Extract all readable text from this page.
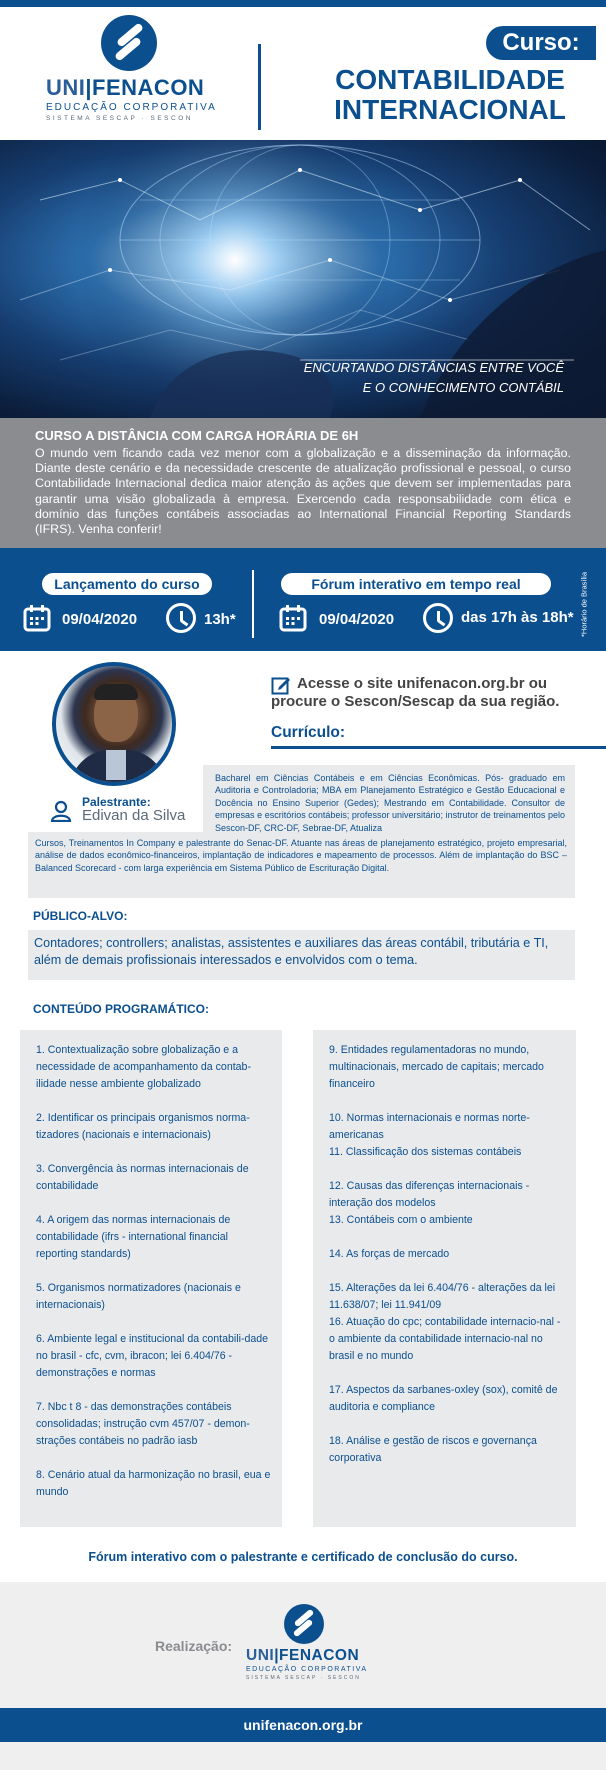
UNI|FENACON
EDUCAÇÃO CORPORATIVA
SISTEMA SESCAP · SESCON
Curso:
CONTABILIDADE
INTERNACIONAL
ENCURTANDO DISTÂNCIAS ENTRE VOCÊ
E O CONHECIMENTO CONTÁBIL
CURSO A DISTÂNCIA COM CARGA HORÁRIA DE 6H

O mundo vem ficando cada vez menor com a globalização e a disseminação da informação. Diante deste cenário e da necessidade crescente de atualização profissional e pessoal, o curso Contabilidade Internacional dedica maior atenção às ações que devem ser implementadas para garantir uma visão globalizada à empresa. Exercendo cada responsabilidade com ética e domínio das funções contábeis associadas ao International Financial Reporting Standards (IFRS). Venha conferir!

Lançamento do curso
09/04/2020	13h*
Fórum interativo em tempo real
09/04/2020	das 17h às 18h* *Horário de Brasília
Palestrante:
Edivan da Silva
Acesse o site unifenacon.org.br ou procure o Sescon/Sescap da sua região.
Currículo:
Bacharel em Ciências Contábeis e em Ciências Econômicas. Pós- graduado em Auditoria e Controladoria; MBA em Planejamento Estratégico e Gestão Educacional e Docência no Ensino Superior (Gedes); Mestrando em Contabilidade. Consultor de empresas e escritórios contábeis; professor universitário; instrutor de treinamentos pelo Sescon-DF, CRC-DF, Sebrae-DF, Atualiza
Cursos, Treinamentos In Company e palestrante do Senac-DF. Atuante nas áreas de planejamento estratégico, projeto empresarial, análise de dados econômico-financeiros, implantação de indicadores e mapeamento de processos. Além de implantação do BSC – Balanced Scorecard - com larga experiência em Sistema Público de Escrituração Digital.
PÚBLICO-ALVO:
Contadores; controllers; analistas, assistentes e auxiliares das áreas contábil, tributária e TI, além de demais profissionais interessados e envolvidos com o tema.
CONTEÚDO PROGRAMÁTICO:
1. Contextualização sobre globalização e a necessidade de acompanhamento da contab-ilidade nesse ambiente globalizado
2. Identificar os principais organismos norma-tizadores (nacionais e internacionais)
3. Convergência às normas internacionais de contabilidade
4. A origem das normas internacionais de contabilidade (ifrs - international financial reporting standards)
5. Organismos normatizadores (nacionais e internacionais)
6. Ambiente legal e institucional da contabili-dade no brasil - cfc, cvm, ibracon; lei 6.404/76 - demonstrações e normas
7. Nbc t 8 - das demonstrações contábeis consolidadas; instrução cvm 457/07 - demon-strações contábeis no padrão iasb
8. Cenário atual da harmonização no brasil, eua e mundo
9. Entidades regulamentadoras no mundo, multinacionais, mercado de capitais; mercado financeiro
10. Normas internacionais e normas norte-americanas
11. Classificação dos sistemas contábeis
12. Causas das diferenças internacionais - interação dos modelos
13. Contábeis com o ambiente
14. As forças de mercado
15. Alterações da lei 6.404/76 - alterações da lei 11.638/07; lei 11.941/09
16. Atuação do cpc; contabilidade internacio-nal - o ambiente da contabilidade internacio-nal no brasil e no mundo
17. Aspectos da sarbanes-oxley (sox), comitê de auditoria e compliance
18. Análise e gestão de riscos e governança corporativa
Fórum interativo com o palestrante e certificado de conclusão do curso.
Realização:
UNI|FENACON
EDUCAÇÃO CORPORATIVA
SISTEMA SESCAP · SESCON
unifenacon.org.br
